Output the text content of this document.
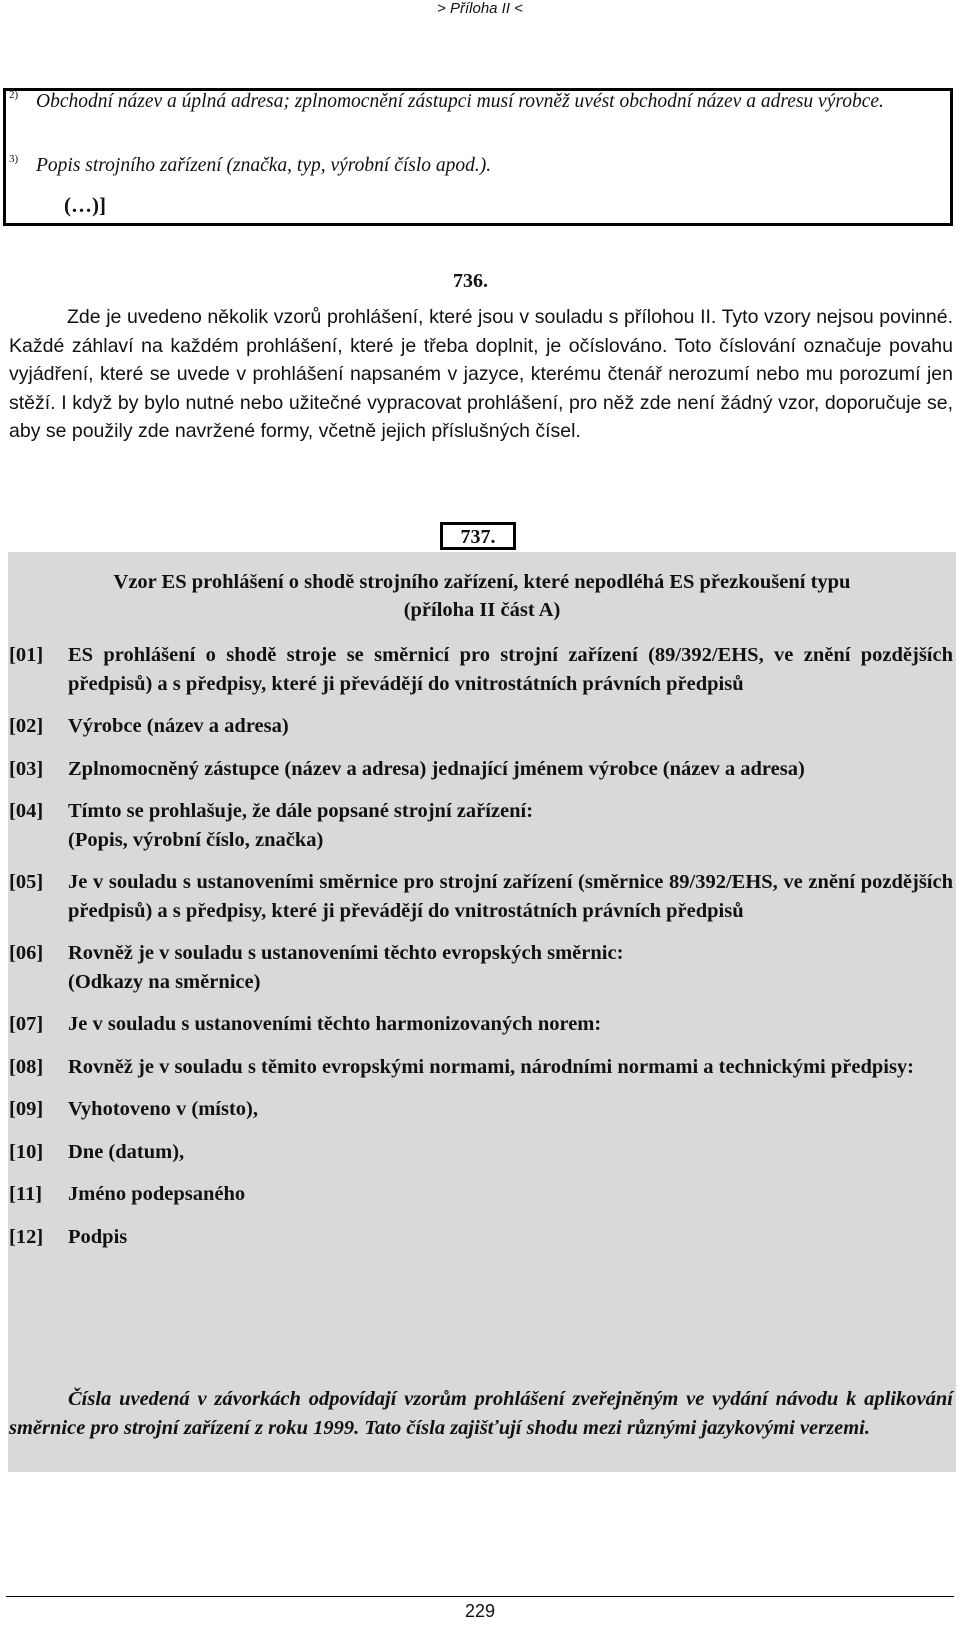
> Příloha II <
2) Obchodní název a úplná adresa; zplnomocnění zástupci musí rovněž uvést obchodní název a adresu výrobce.
3) Popis strojního zařízení (značka, typ, výrobní číslo apod.).
(…)]
736.

Zde je uvedeno několik vzorů prohlášení, které jsou v souladu s přílohou II. Tyto vzory nejsou povinné. Každé záhlaví na každém prohlášení, které je třeba doplnit, je očíslováno. Toto číslování označuje povahu vyjádření, které se uvede v prohlášení napsaném v jazyce, kterému čtenář nerozumí nebo mu porozumí jen stěží. I když by bylo nutné nebo užitečné vypracovat prohlášení, pro něž zde není žádný vzor, doporučuje se, aby se použily zde navržené formy, včetně jejich příslušných čísel.

737.
Vzor ES prohlášení o shodě strojního zařízení, které nepodléhá ES přezkoušení typu
(příloha II část A)
[01]	ES prohlášení o shodě stroje se směrnicí pro strojní zařízení (89/392/EHS, ve znění pozdějších předpisů) a s předpisy, které ji převádějí do vnitrostátních právních předpisů
[02]	Výrobce (název a adresa)
[03]	Zplnomocněný zástupce (název a adresa) jednající jménem výrobce (název a adresa)
[04]	Tímto se prohlašuje, že dále popsané strojní zařízení:
(Popis, výrobní číslo, značka)
[05]	Je v souladu s ustanoveními směrnice pro strojní zařízení (směrnice 89/392/EHS, ve znění pozdějších předpisů) a s předpisy, které ji převádějí do vnitrostátních právních předpisů
[06]	Rovněž je v souladu s ustanoveními těchto evropských směrnic:
(Odkazy na směrnice)
[07]	Je v souladu s ustanoveními těchto harmonizovaných norem:
[08]	Rovněž je v souladu s těmito evropskými normami, národními normami a technickými předpisy:
[09]	Vyhotoveno v (místo),
[10]	Dne (datum),
[11]	Jméno podepsaného
[12]	Podpis

Čísla uvedená v závorkách odpovídají vzorům prohlášení zveřejněným ve vydání návodu k aplikování směrnice pro strojní zařízení z roku 1999. Tato čísla zajišťují shodu mezi různými jazykovými verzemi.

229
